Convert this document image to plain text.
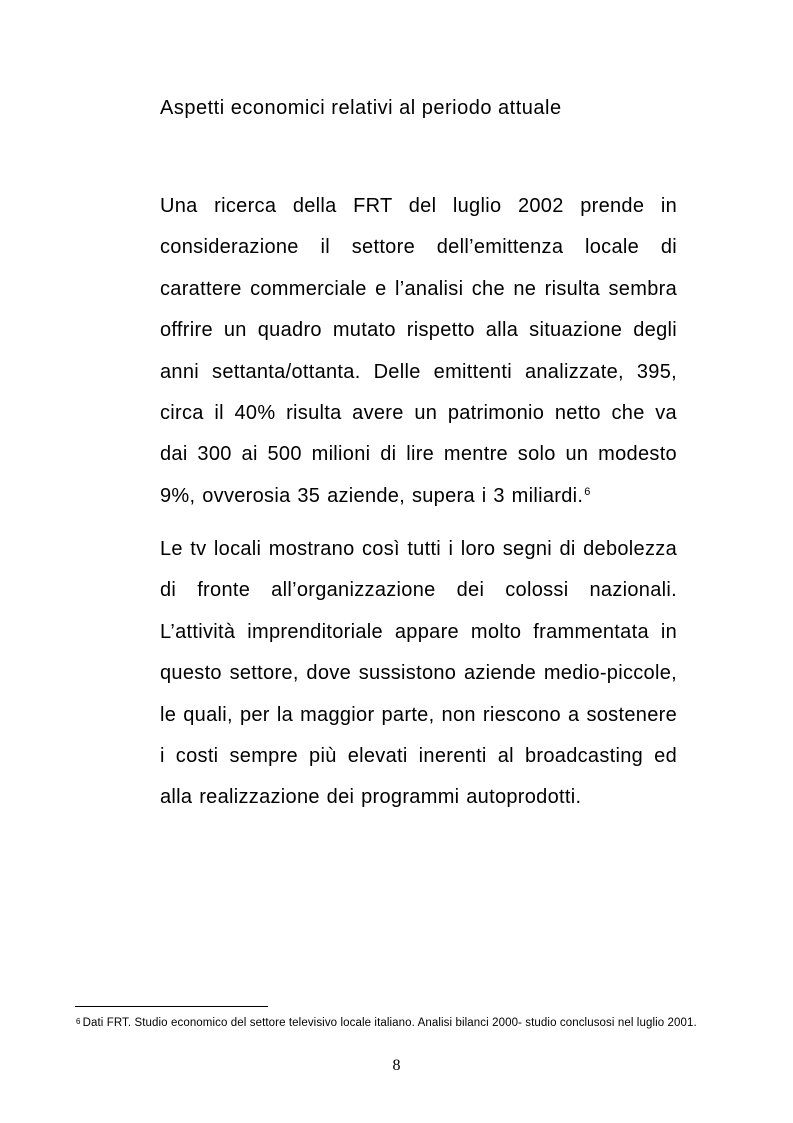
Aspetti economici relativi al periodo attuale
Una ricerca della FRT del luglio 2002 prende in
considerazione il settore dell’emittenza locale di
carattere commerciale e l’analisi che ne risulta sembra
offrire un quadro mutato rispetto alla situazione degli
anni settanta/ottanta. Delle emittenti analizzate, 395,
circa il 40% risulta avere un patrimonio netto che va
dai 300 ai 500 milioni di lire mentre solo un modesto
9%, ovverosia 35 aziende, supera i 3 miliardi.$^6$
Le tv locali mostrano così tutti i loro segni di debolezza
di fronte all’organizzazione dei colossi nazionali.
L’attività imprenditoriale appare molto frammentata in
questo settore, dove sussistono aziende medio-piccole,
le quali, per la maggior parte, non riescono a sostenere
i costi sempre più elevati inerenti al broadcasting ed
alla realizzazione dei programmi autoprodotti.

$^6$ Dati FRT. Studio economico del settore televisivo locale italiano. Analisi bilanci 2000- studio conclusosi nel luglio 2001.

8
